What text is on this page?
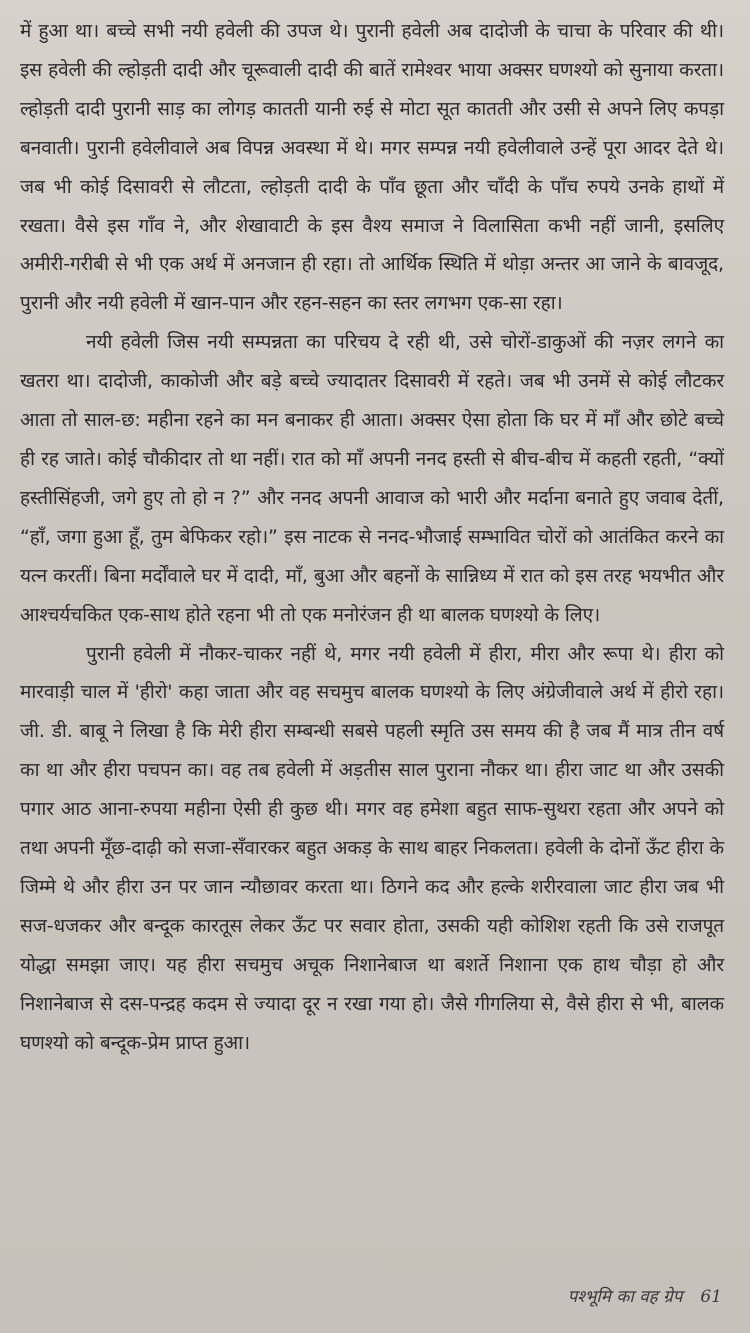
में हुआ था। बच्चे सभी नयी हवेली की उपज थे। पुरानी हवेली अब दादोजी के चाचा के परिवार की थी। इस हवेली की ल्होड़ती दादी और चूरूवाली दादी की बातें रामेश्वर भाया अक्सर घणश्यो को सुनाया करता। ल्होड़ती दादी पुरानी साड़ का लोगड़ कातती यानी रुई से मोटा सूत कातती और उसी से अपने लिए कपड़ा बनवाती। पुरानी हवेलीवाले अब विपन्न अवस्था में थे। मगर सम्पन्न नयी हवेलीवाले उन्हें पूरा आदर देते थे। जब भी कोई दिसावरी से लौटता, ल्होड़ती दादी के पाँव छूता और चाँदी के पाँच रुपये उनके हाथों में रखता। वैसे इस गाँव ने, और शेखावाटी के इस वैश्य समाज ने विलासिता कभी नहीं जानी, इसलिए अमीरी-गरीबी से भी एक अर्थ में अनजान ही रहा। तो आर्थिक स्थिति में थोड़ा अन्तर आ जाने के बावजूद, पुरानी और नयी हवेली में खान-पान और रहन-सहन का स्तर लगभग एक-सा रहा।

नयी हवेली जिस नयी सम्पन्नता का परिचय दे रही थी, उसे चोरों-डाकुओं की नज़र लगने का खतरा था। दादोजी, काकोजी और बड़े बच्चे ज्यादातर दिसावरी में रहते। जब भी उनमें से कोई लौटकर आता तो साल-छ: महीना रहने का मन बनाकर ही आता। अक्सर ऐसा होता कि घर में माँ और छोटे बच्चे ही रह जाते। कोई चौकीदार तो था नहीं। रात को माँ अपनी ननद हस्ती से बीच-बीच में कहती रहती, “क्यों हस्तीसिंहजी, जगे हुए तो हो न ?” और ननद अपनी आवाज को भारी और मर्दाना बनाते हुए जवाब देतीं, “हाँ, जगा हुआ हूँ, तुम बेफिकर रहो।” इस नाटक से ननद-भौजाई सम्भावित चोरों को आतंकित करने का यत्न करतीं। बिना मर्दोंवाले घर में दादी, माँ, बुआ और बहनों के सान्निध्य में रात को इस तरह भयभीत और आश्चर्यचकित एक-साथ होते रहना भी तो एक मनोरंजन ही था बालक घणश्यो के लिए।

पुरानी हवेली में नौकर-चाकर नहीं थे, मगर नयी हवेली में हीरा, मीरा और रूपा थे। हीरा को मारवाड़ी चाल में 'हीरो' कहा जाता और वह सचमुच बालक घणश्यो के लिए अंग्रेजीवाले अर्थ में हीरो रहा। जी. डी. बाबू ने लिखा है कि मेरी हीरा सम्बन्धी सबसे पहली स्मृति उस समय की है जब मैं मात्र तीन वर्ष का था और हीरा पचपन का। वह तब हवेली में अड़तीस साल पुराना नौकर था। हीरा जाट था और उसकी पगार आठ आना-रुपया महीना ऐसी ही कुछ थी। मगर वह हमेशा बहुत साफ-सुथरा रहता और अपने को तथा अपनी मूँछ-दाढ़ी को सजा-सँवारकर बहुत अकड़ के साथ बाहर निकलता। हवेली के दोनों ऊँट हीरा के जिम्मे थे और हीरा उन पर जान न्यौछावर करता था। ठिगने कद और हल्के शरीरवाला जाट हीरा जब भी सज-धजकर और बन्दूक कारतूस लेकर ऊँट पर सवार होता, उसकी यही कोशिश रहती कि उसे राजपूत योद्धा समझा जाए। यह हीरा सचमुच अचूक निशानेबाज था बशर्ते निशाना एक हाथ चौड़ा हो और निशानेबाज से दस-पन्द्रह कदम से ज्यादा दूर न रखा गया हो। जैसे गीगलिया से, वैसे हीरा से भी, बालक घणश्यो को बन्दूक-प्रेम प्राप्त हुआ।

पश्भूमि का वह ग्रेप 61
